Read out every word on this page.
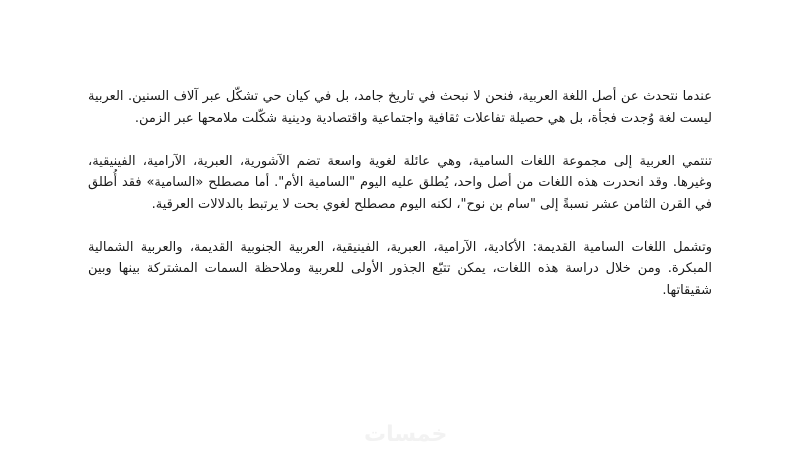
عندما نتحدث عن أصل اللغة العربية، فنحن لا نبحث في تاريخ جامد، بل في كيان حي تشكّل عبر آلاف السنين. العربية ليست لغة وُجدت فجأة، بل هي حصيلة تفاعلات ثقافية واجتماعية واقتصادية ودينية شكّلت ملامحها عبر الزمن.

تنتمي العربية إلى مجموعة اللغات السامية، وهي عائلة لغوية واسعة تضم الآشورية، العبرية، الآرامية، الفينيقية، وغيرها. وقد انحدرت هذه اللغات من أصل واحد، يُطلق عليه اليوم "السامية الأم". أما مصطلح «السامية» فقد أُطلق في القرن الثامن عشر نسبةً إلى "سام بن نوح"، لكنه اليوم مصطلح لغوي بحت لا يرتبط بالدلالات العرقية.

وتشمل اللغات السامية القديمة: الأكادية، الآرامية، العبرية، الفينيقية، العربية الجنوبية القديمة، والعربية الشمالية المبكرة. ومن خلال دراسة هذه اللغات، يمكن تتبّع الجذور الأولى للعربية وملاحظة السمات المشتركة بينها وبين شقيقاتها.

خمسات
